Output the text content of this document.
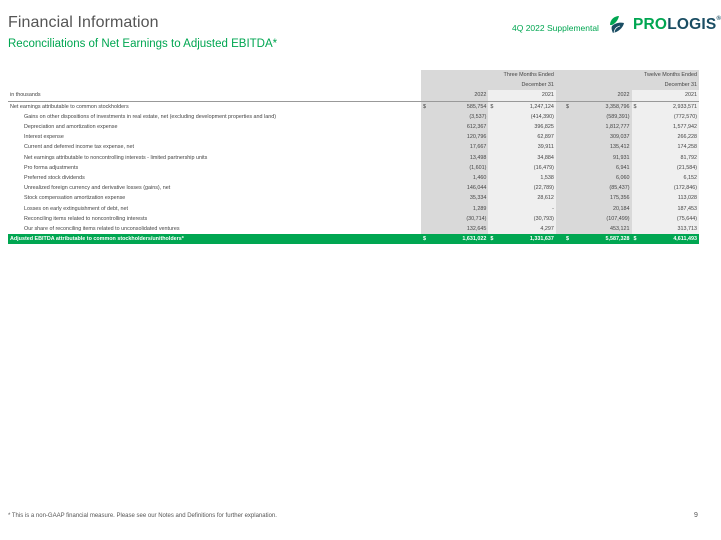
Financial Information
Reconciliations of Net Earnings to Adjusted EBITDA*
4Q 2022 Supplemental PROLOGIS®
		Three Months Ended					Twelve Months Ended		
		December 31					December 31		
in thousands		2022		2021			2022		2021
Net earnings attributable to common stockholders	$	585,754	$	1,247,124		$	3,358,796	$	2,933,571
Gains on other dispositions of investments in real estate, net (excluding development properties and land)		(3,537)		(414,390)			(589,391)		(772,570)
Depreciation and amortization expense		612,367		396,825			1,812,777		1,577,942
Interest expense		120,796		62,897			309,037		266,228
Current and deferred income tax expense, net		17,667		39,911			135,412		174,258
Net earnings attributable to noncontrolling interests - limited partnership units		13,498		34,884			91,931		81,792
Pro forma adjustments		(1,601)		(16,479)			6,941		(21,584)
Preferred stock dividends		1,460		1,538			6,060		6,152
Unrealized foreign currency and derivative losses (gains), net		146,044		(22,789)			(85,437)		(172,846)
Stock compensation amortization expense		35,334		28,612			175,356		113,028
Losses on early extinguishment of debt, net		1,289		-			20,184		187,453
Reconciling items related to noncontrolling interests		(30,714)		(30,793)			(107,499)		(75,644)
Our share of reconciling items related to unconsolidated ventures		132,645		4,297			453,121		313,713
Adjusted EBITDA attributable to common stockholders/unitholders*	$	1,631,022	$	1,331,637		$	5,587,328	$	4,611,493
* This is a non-GAAP financial measure. Please see our Notes and Definitions for further explanation.	9
